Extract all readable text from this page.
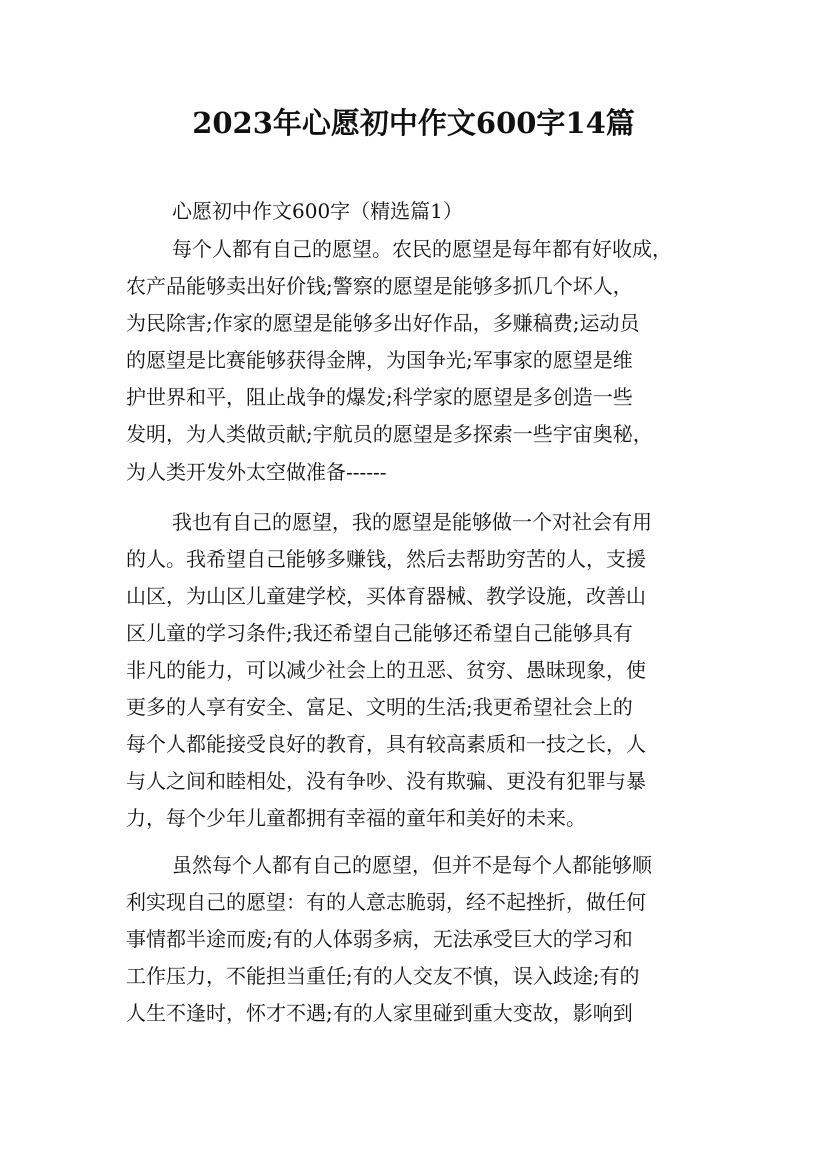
2023年心愿初中作文600字14篇

心愿初中作文600字（精选篇1）

每个人都有自己的愿望。农民的愿望是每年都有好收成，

农产品能够卖出好价钱;警察的愿望是能够多抓几个坏人，

为民除害;作家的愿望是能够多出好作品，多赚稿费;运动员

的愿望是比赛能够获得金牌，为国争光;军事家的愿望是维

护世界和平，阻止战争的爆发;科学家的愿望是多创造一些

发明，为人类做贡献;宇航员的愿望是多探索一些宇宙奥秘，

为人类开发外太空做准备------

我也有自己的愿望，我的愿望是能够做一个对社会有用

的人。我希望自己能够多赚钱，然后去帮助穷苦的人，支援

山区，为山区儿童建学校，买体育器械、教学设施，改善山

区儿童的学习条件;我还希望自己能够还希望自己能够具有

非凡的能力，可以减少社会上的丑恶、贫穷、愚昧现象，使

更多的人享有安全、富足、文明的生活;我更希望社会上的

每个人都能接受良好的教育，具有较高素质和一技之长，人

与人之间和睦相处，没有争吵、没有欺骗、更没有犯罪与暴

力，每个少年儿童都拥有幸福的童年和美好的未来。

虽然每个人都有自己的愿望，但并不是每个人都能够顺

利实现自己的愿望：有的人意志脆弱，经不起挫折，做任何

事情都半途而废;有的人体弱多病，无法承受巨大的学习和

工作压力，不能担当重任;有的人交友不慎，误入歧途;有的

人生不逢时，怀才不遇;有的人家里碰到重大变故，影响到
